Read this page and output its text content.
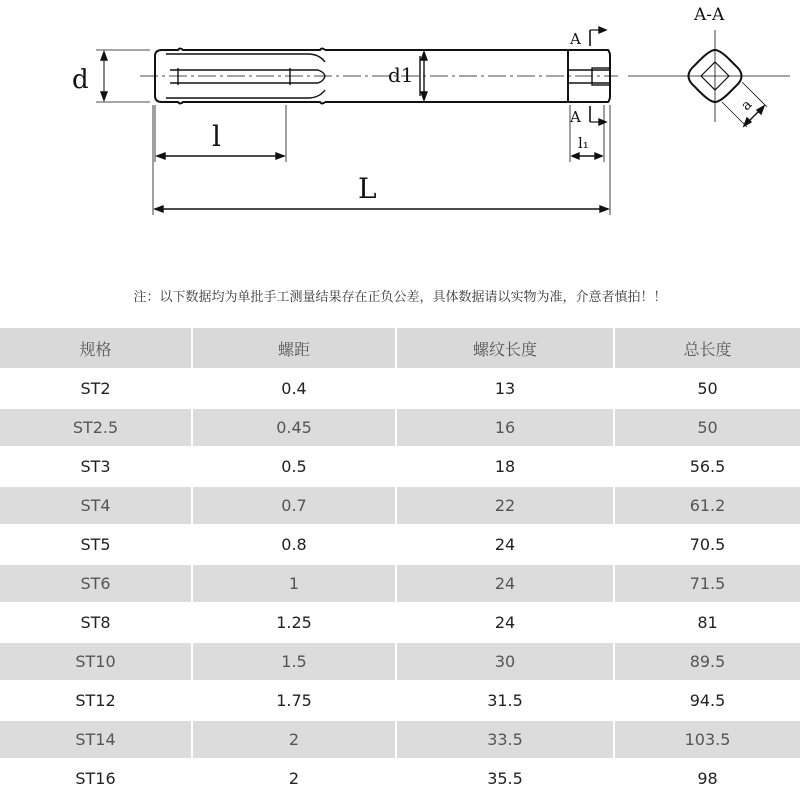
d	d1
l
L
l₁
A
A
A-A
a
注：以下数据均为单批手工测量结果存在正负公差，具体数据请以实物为准，介意者慎拍！！
规格	螺距	螺纹长度	总长度
ST2	0.4	13	50
ST2.5	0.45	16	50
ST3	0.5	18	56.5
ST4	0.7	22	61.2
ST5	0.8	24	70.5
ST6	1	24	71.5
ST8	1.25	24	81
ST10	1.5	30	89.5
ST12	1.75	31.5	94.5
ST14	2	33.5	103.5
ST16	2	35.5	98
